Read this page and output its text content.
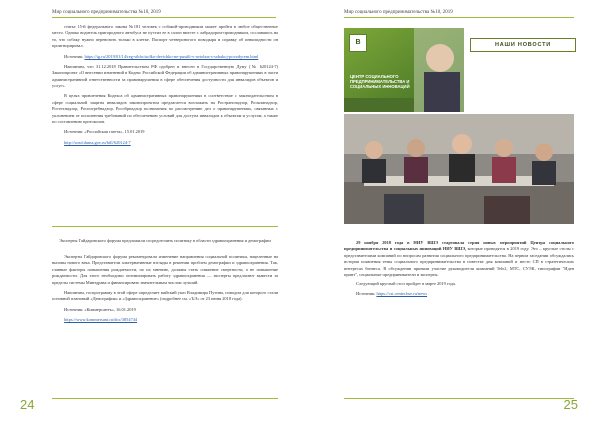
Мир социального предпринимательства №10, 2019

статье 15-й федерального закона №181 человек с собакой-проводником может пройти в любое общественное место. Однако водитель пригородного автобуса не пустил ее в салон вместе с лабрадором-проводником, сославшись на то, что собаку нужно перевозить только в клетке. Паспорт четвероногого поводыря и справку об инвалидности он проигнорировал.

Источник: https://tg.ru/2019/01/14/reg-sibfo/stolko-devichko-ne-pustili-v-avtobus-s-sobakoj-povodyrem.html

Напомним, что 31.12.2018 Правительством РФ одобрен и внесен в Государственную Думу (№ 620124-7) Законопроект «О внесении изменений в Кодекс Российской Федерации об административных правонарушениях в части административной ответственности за правонарушения в сфере обеспечения доступности для инвалидов объектов и услуг».

В целях привлечения Кодекса об административных правонарушениях в соответствие с законодательством в сфере социальной защиты инвалидов законопроектом предлагается возложить на Ространснадзор, Роскомнадзор, Ростехнадзор, Роспотребнадзор, Рособрнадзор полномочия по рассмотрению дел о правонарушениях, связанных с уклонением от исполнения требований по обеспечению условий для доступа инвалидов к объектам и услугам, а также по составлению протоколов.

Источник: «Российская газета», 15.01.2019

http://sozd.duma.gov.ru/bill/620124-7

Эксперты Гайдаровского форума предложили сосредоточить политику в области здравоохранения и демографии

Эксперты Гайдаровского форума рекомендовали изменение направления социальной политики, нацеленные на вызовы нового века. Представители альтернативные взгляды в решении проблем демографии и здравоохранения. Так, главные факторы повышения рождаемости, по их мнению, должны стать снижение смертности, а не повышение рождаемости. Для этого необходимо оптимизировать работу здравоохранения — эксперты предлагают вывести за пределы системы Минздрава и финансировать значительным числом лучший.

Напомним, госпрограмму в этой сфере определяет майский указ Владимира Путина, поводом для которого стали основной плановый «Демография» и «Здравоохранение» (подробнее см. «ЪЭ» от 23 июня 2018 года).

Источник: «Коммерсантъ», 16.01.2019

https://www.kommersant.ru/doc/3854744

24
Мир социального предпринимательства №10, 2019
В
ЦЕНТР СОЦИАЛЬНОГО ПРЕДПРИНИМАТЕЛЬСТВА И СОЦИАЛЬНЫХ ИННОВАЦИЙ
НАШИ НОВОСТИ

29 ноября 2018 года в НИУ ВШЭ стартовала серия новых мероприятий Центра социального предпринимательства и социальных инноваций НИУ ВШЭ, которые проводятся в 2019 году. Это – круглые столы с представителями компаний по вопросам развития социального предпринимательства. На первом заседании обсуждались история появления темы социального предпринимательства в повестке дня компаний и место СП в стратегических интересах бизнеса. В обсуждении приняли участие руководители компаний Tele2, МТС, СУЭК, типографии "Иден принт", социальные предприниматели и эксперты.

Следующий круглый стол пройдет в марте 2019 года.

Источник: https://csi.center.hse.ru/news

25
